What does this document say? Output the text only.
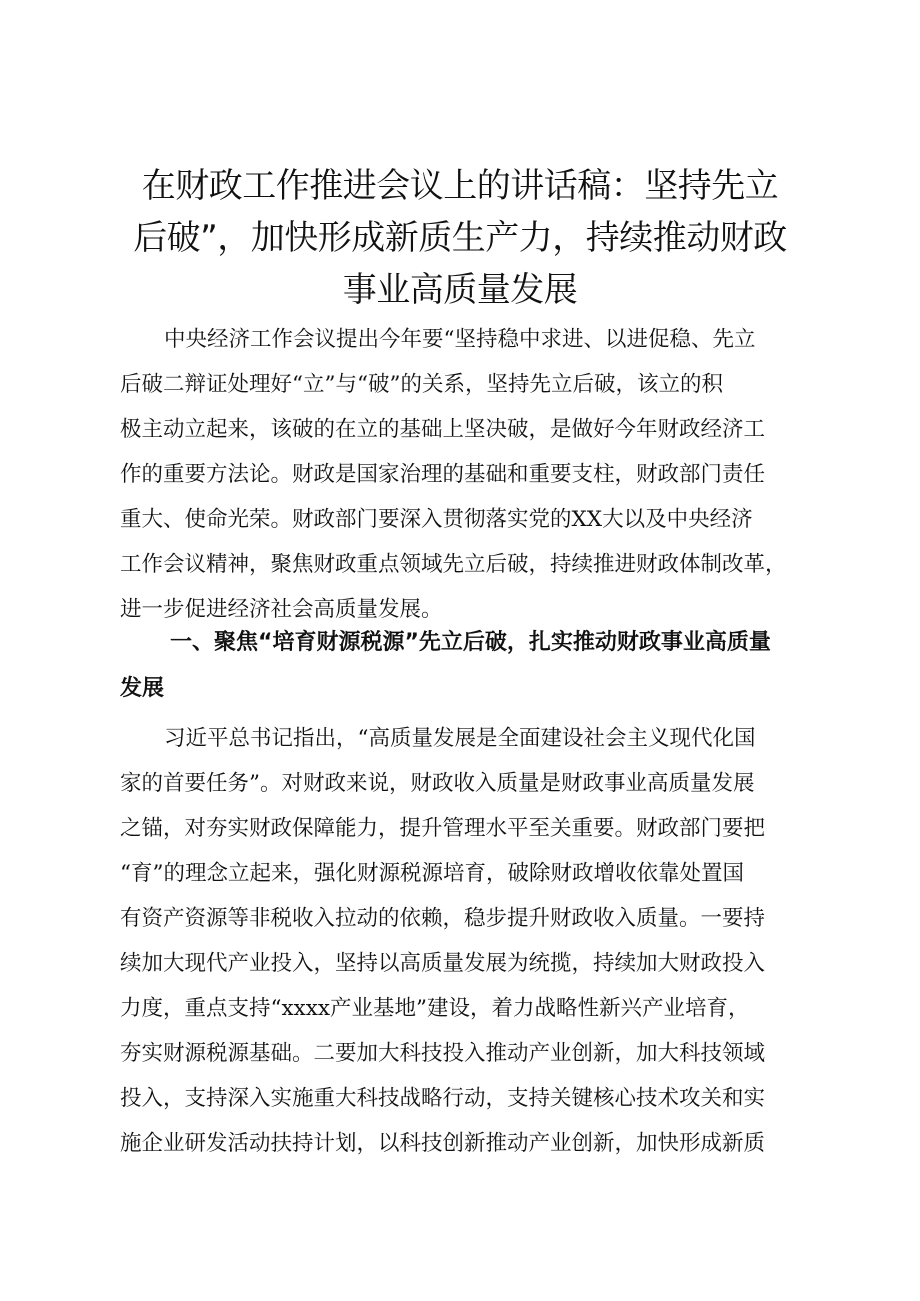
在财政工作推进会议上的讲话稿：坚持先立
后破”，加快形成新质生产力，持续推动财政
事业高质量发展

中央经济工作会议提出今年要“坚持稳中求进、以进促稳、先立
后破二辩证处理好“立”与“破”的关系，坚持先立后破，该立的积
极主动立起来，该破的在立的基础上坚决破，是做好今年财政经济工
作的重要方法论。财政是国家治理的基础和重要支柱，财政部门责任
重大、使命光荣。财政部门要深入贯彻落实党的XX大以及中央经济
工作会议精神，聚焦财政重点领域先立后破，持续推进财政体制改革，
进一步促进经济社会高质量发展。

一、聚焦“培育财源税源”先立后破，扎实推动财政事业高质量
发展

习近平总书记指出，“高质量发展是全面建设社会主义现代化国
家的首要任务”。对财政来说，财政收入质量是财政事业高质量发展
之锚，对夯实财政保障能力，提升管理水平至关重要。财政部门要把
“育”的理念立起来，强化财源税源培育，破除财政增收依靠处置国
有资产资源等非税收入拉动的依赖，稳步提升财政收入质量。一要持
续加大现代产业投入，坚持以高质量发展为统揽，持续加大财政投入
力度，重点支持“xxxx产业基地”建设，着力战略性新兴产业培育，
夯实财源税源基础。二要加大科技投入推动产业创新，加大科技领域
投入，支持深入实施重大科技战略行动，支持关键核心技术攻关和实
施企业研发活动扶持计划，以科技创新推动产业创新，加快形成新质
